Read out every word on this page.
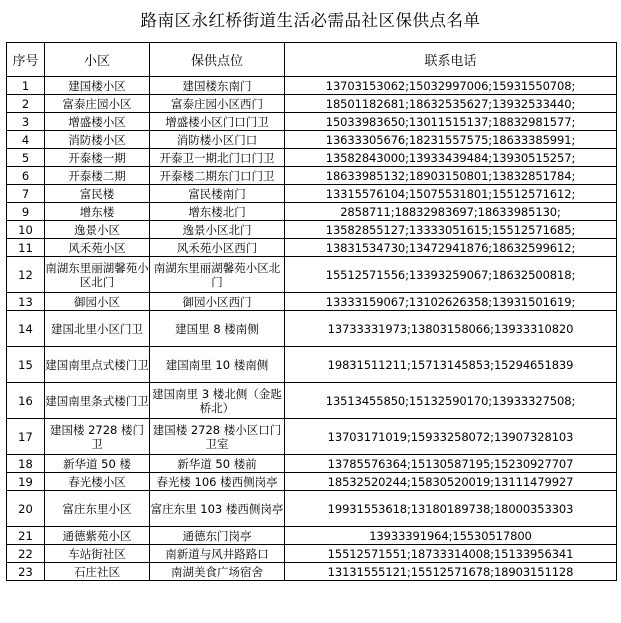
路南区永红桥街道生活必需品社区保供点名单
序号	小区	保供点位	联系电话
1	建国楼小区	建国楼东南门	13703153062;15032997006;15931550708;
2	富泰庄园小区	富泰庄园小区西门	18501182681;18632535627;13932533440;
3	增盛楼小区	增盛楼小区门口门卫	15033983650;13011515137;18832981577;
4	消防楼小区	消防楼小区门口	13633305676;18231557575;18633385991;
5	开泰楼一期	开泰卫一期北门口门卫	13582843000;13933439484;13930515257;
6	开泰楼二期	开泰楼二期东门口门卫	18633985132;18903150801;13832851784;
7	富民楼	富民楼南门	13315576104;15075531801;15512571612;
9	增东楼	增东楼北门	2858711;18832983697;18633985130;
10	逸景小区	逸景小区北门	13582855127;13333051615;15512571685;
11	风禾苑小区	风禾苑小区西门	13831534730;13472941876;18632599612;
12	南湖东里丽湖馨苑小区北门	南湖东里丽湖馨苑小区北门	15512571556;13393259067;18632500818;
13	御园小区	御园小区西门	13333159067;13102626358;13931501619;
14	建国北里小区门卫	建国里 8 楼南侧	13733331973;13803158066;13933310820
15	建国南里点式楼门卫	建国南里 10 楼南侧	19831511211;15713145853;15294651839
16	建国南里条式楼门卫	建国南里 3 楼北侧（金匙桥北）	13513455850;15132590170;13933327508;
17	建国楼 2728 楼门卫	建国楼 2728 楼小区口门卫室	13703171019;15933258072;13907328103
18	新华道 50 楼	新华道 50 楼前	13785576364;15130587195;15230927707
19	春光楼小区	春光楼 106 楼西侧岗亭	18532520244;15830520019;13111479927
20	富庄东里小区	富庄东里 103 楼西侧岗亭	19931553618;13180189738;18000353303
21	通德紫苑小区	通德东门岗亭	13933391964;15530517800
22	车站街社区	南新道与风井路路口	15512571551;18733314008;15133956341
23	石庄社区	南湖美食广场宿舍	13131555121;15512571678;18903151128
